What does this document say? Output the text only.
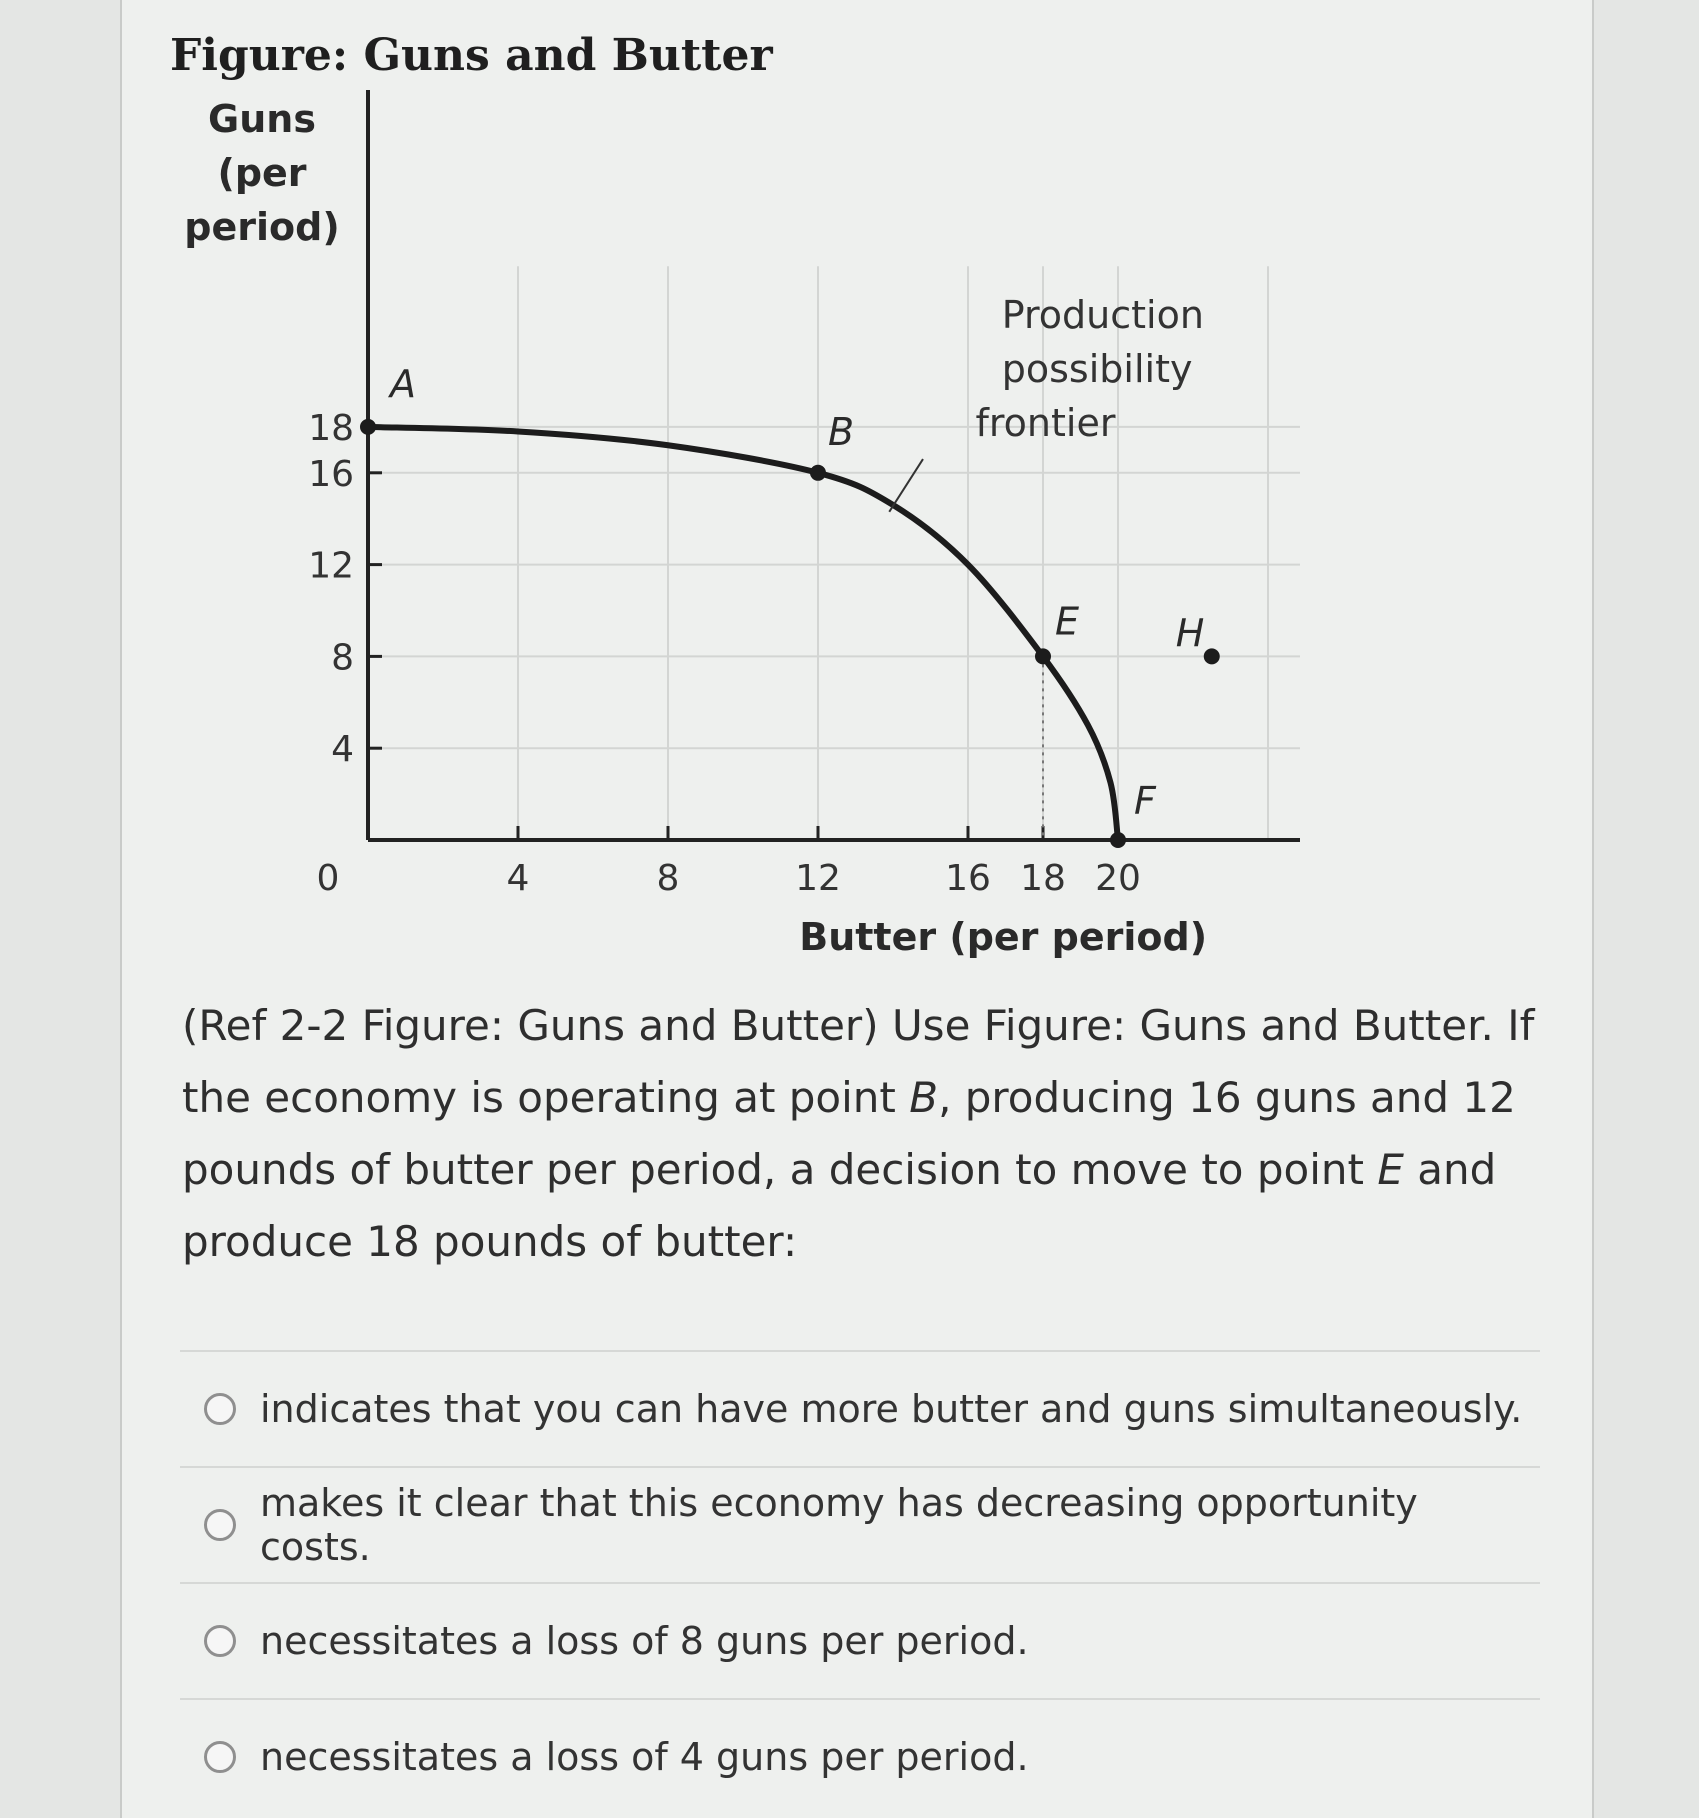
Figure: Guns and Butter
18
16
12
8
4
0	4	8	12	16 18 20
Guns
(per
period)
Butter (per period)
Production
possibility
frontier
A
B
E
F
H
(Ref 2-2 Figure: Guns and Butter) Use Figure: Guns and Butter. If the economy is operating at point B, producing 16 guns and 12 pounds of butter per period, a decision to move to point E and produce 18 pounds of butter:
indicates that you can have more butter and guns simultaneously.
makes it clear that this economy has decreasing opportunity costs.
necessitates a loss of 8 guns per period.
necessitates a loss of 4 guns per period.
